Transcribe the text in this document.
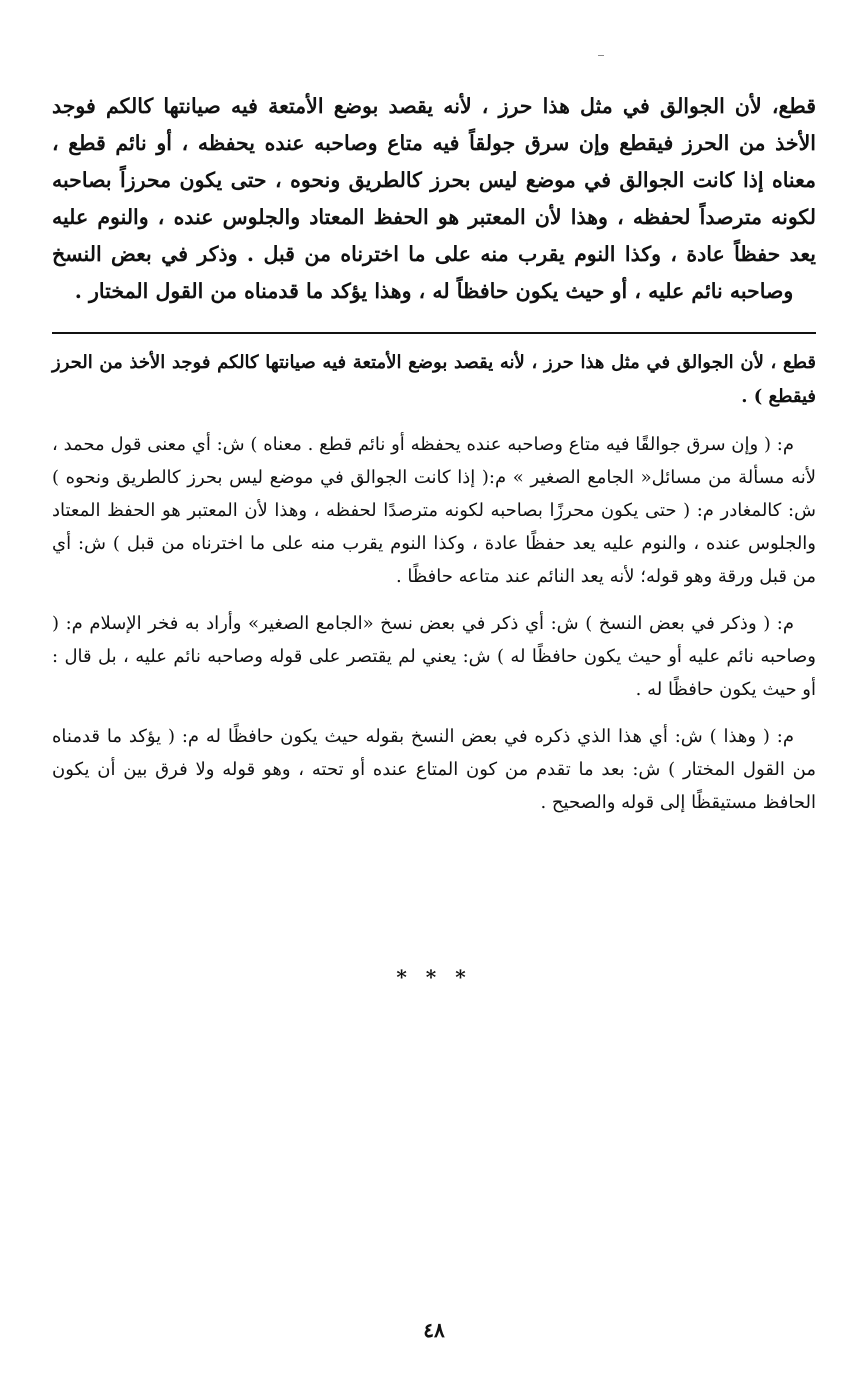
قطع، لأن الجوالق في مثل هذا حرز ، لأنه يقصد بوضع الأمتعة فيه صيانتها كالكم فوجد الأخذ من الحرز فيقطع وإن سرق جولقاً فيه متاع وصاحبه عنده يحفظه ، أو نائم قطع ، معناه إذا كانت الجوالق في موضع ليس بحرز كالطريق ونحوه ، حتى يكون محرزاً بصاحبه لكونه مترصداً لحفظه ، وهذا لأن المعتبر هو الحفظ المعتاد والجلوس عنده ، والنوم عليه يعد حفظاً عادة ، وكذا النوم يقرب منه على ما اخترناه من قبل . وذكر في بعض النسخ وصاحبه نائم عليه ، أو حيث يكون حافظاً له ، وهذا يؤكد ما قدمناه من القول المختار .

قطع ، لأن الجوالق في مثل هذا حرز ، لأنه يقصد بوضع الأمتعة فيه صيانتها كالكم فوجد الأخذ من الحرز فيقطع ) .

م: ( وإن سرق جوالقًا فيه متاع وصاحبه عنده يحفظه أو نائم قطع . معناه ) ش: أي معنى قول محمد ، لأنه مسألة من مسائل« الجامع الصغير » م:( إذا كانت الجوالق في موضع ليس بحرز كالطريق ونحوه ) ش: كالمغادر م: ( حتى يكون محرزًا بصاحبه لكونه مترصدًا لحفظه ، وهذا لأن المعتبر هو الحفظ المعتاد والجلوس عنده ، والنوم عليه يعد حفظًا عادة ، وكذا النوم يقرب منه على ما اخترناه من قبل ) ش: أي من قبل ورقة وهو قوله؛ لأنه يعد النائم عند متاعه حافظًا .

م: ( وذكر في بعض النسخ ) ش: أي ذكر في بعض نسخ «الجامع الصغير» وأراد به فخر الإسلام م: ( وصاحبه نائم عليه أو حيث يكون حافظًا له ) ش: يعني لم يقتصر على قوله وصاحبه نائم عليه ، بل قال : أو حيث يكون حافظًا له .

م: ( وهذا ) ش: أي هذا الذي ذكره في بعض النسخ بقوله حيث يكون حافظًا له م: ( يؤكد ما قدمناه من القول المختار ) ش: بعد ما تقدم من كون المتاع عنده أو تحته ، وهو قوله ولا فرق بين أن يكون الحافظ مستيقظًا إلى قوله والصحيح .

* * *
٤٨
